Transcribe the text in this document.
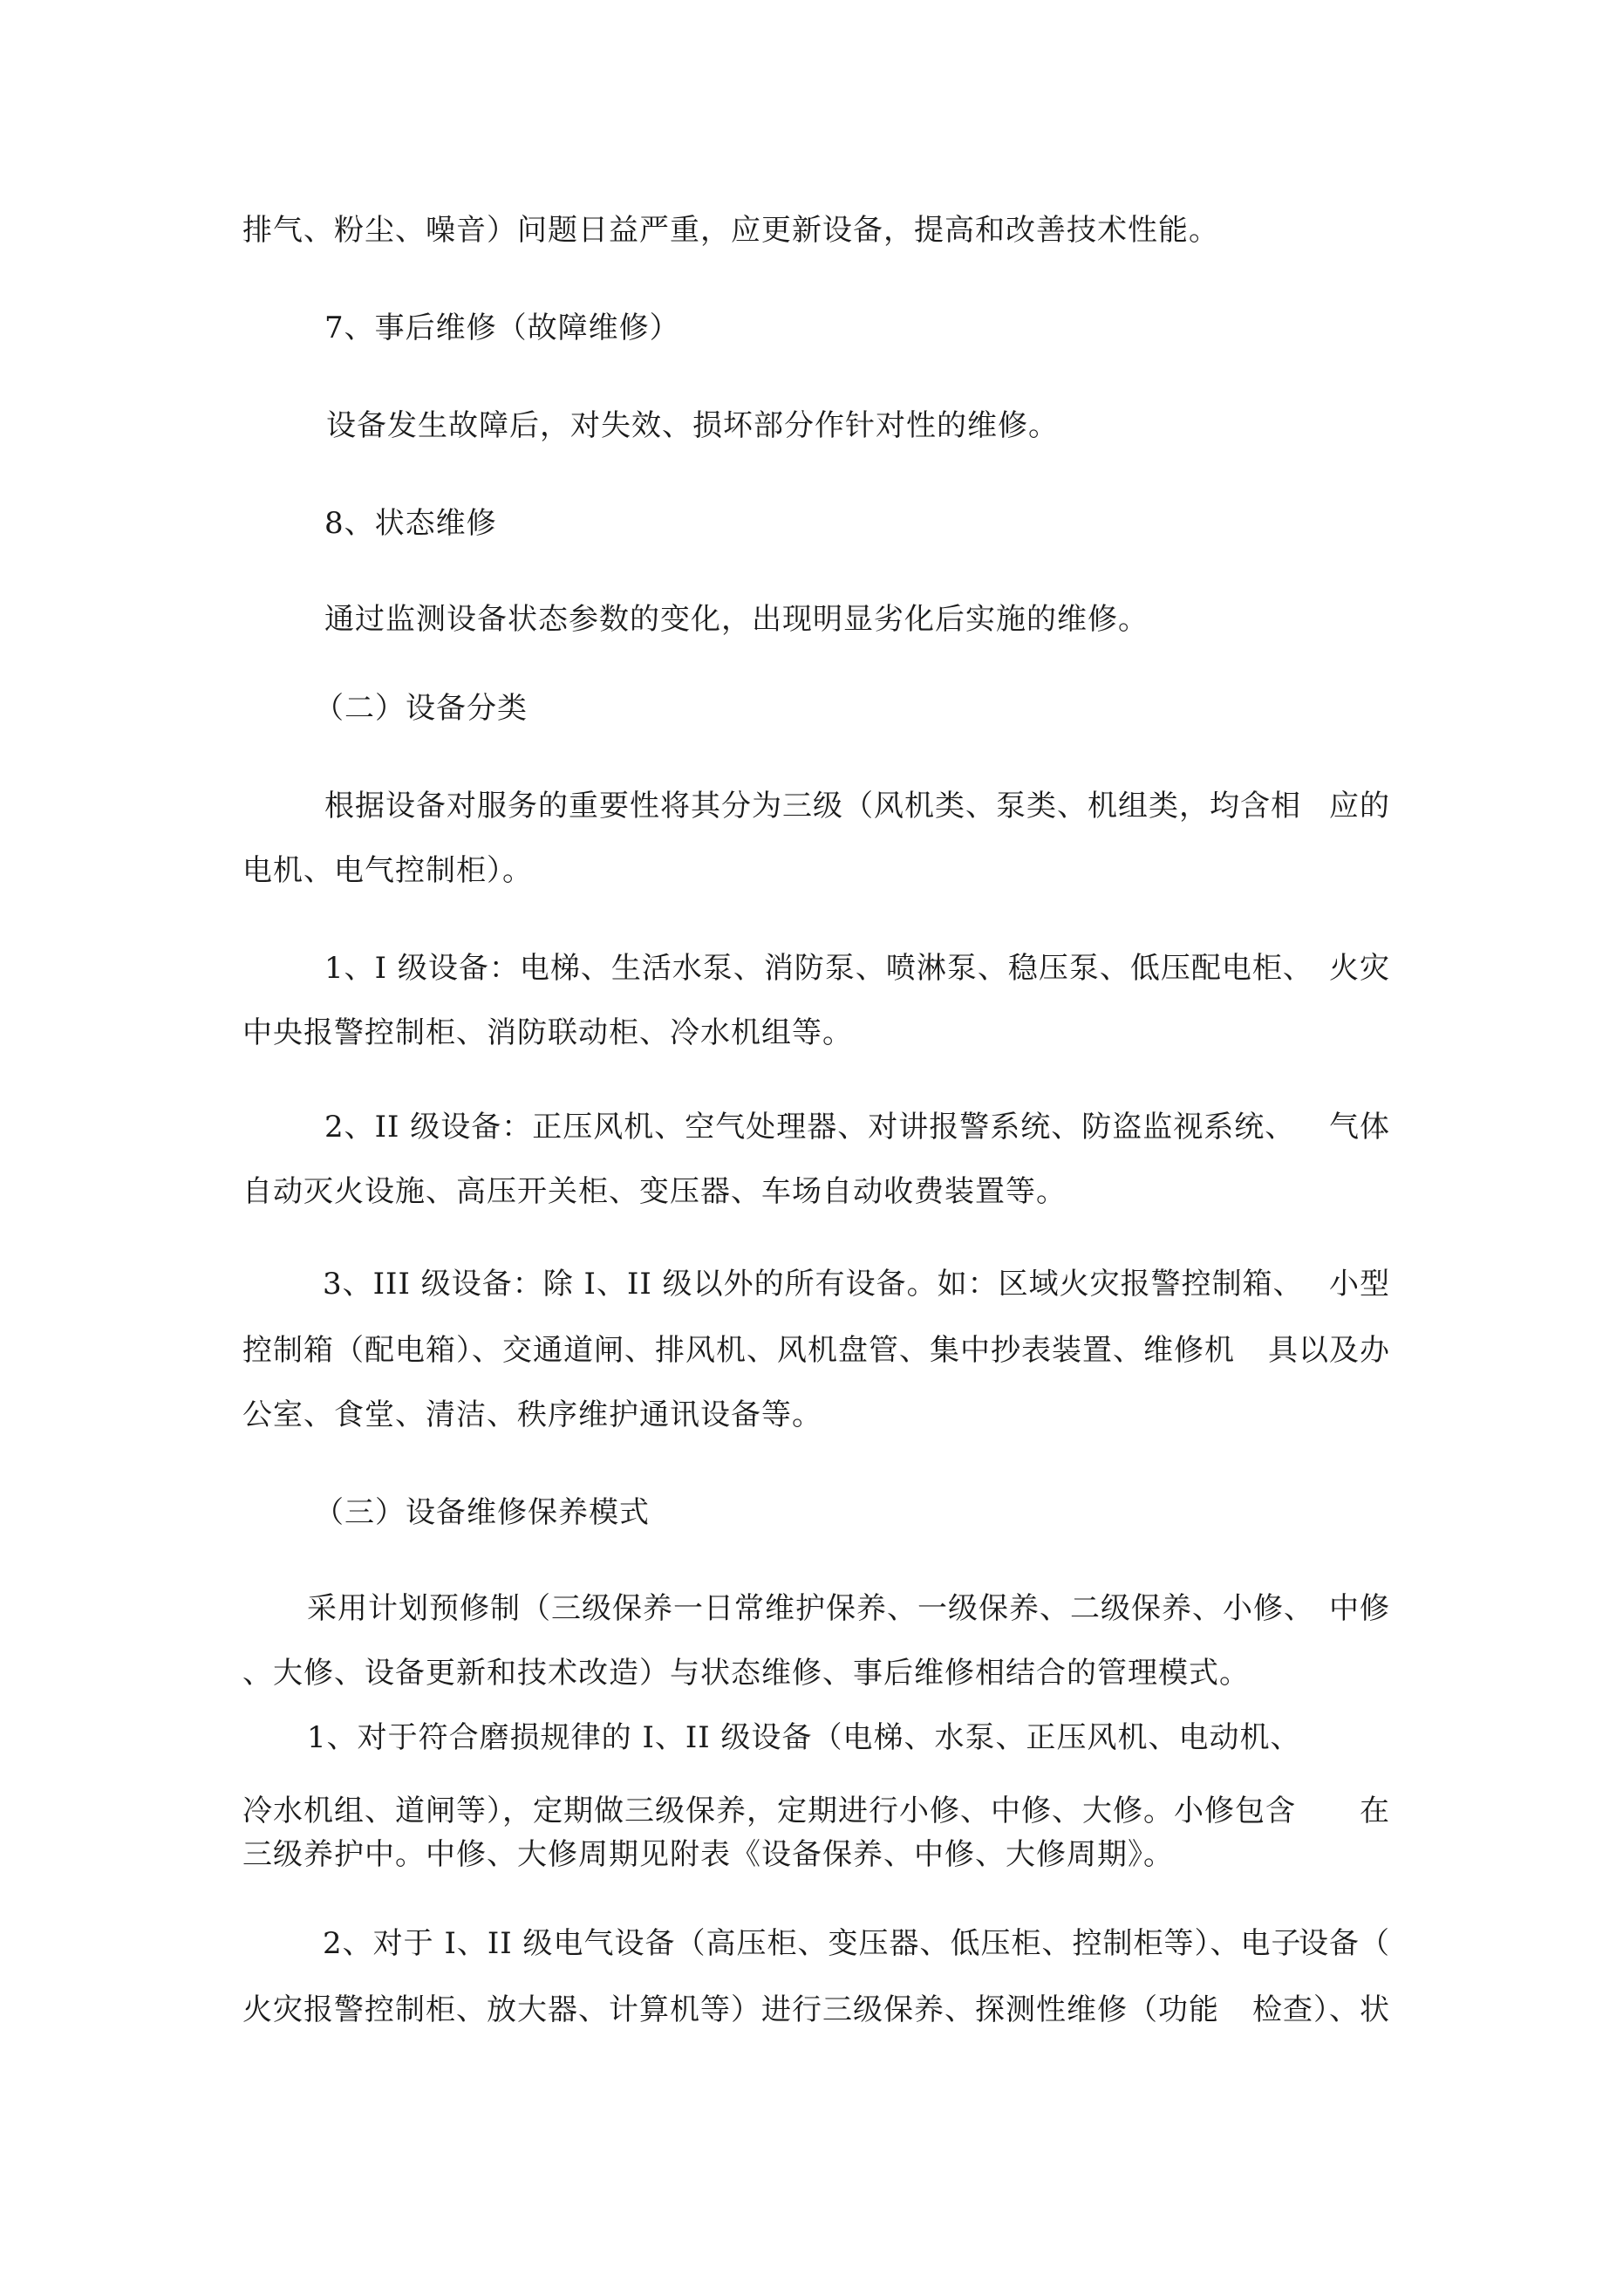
排气、粉尘、噪音）问题日益严重，应更新设备，提高和改善技术性能。
7、事后维修（故障维修）
设备发生故障后，对失效、损坏部分作针对性的维修。
8、状态维修
通过监测设备状态参数的变化，出现明显劣化后实施的维修。
（二）设备分类
根据设备对服务的重要性将其分为三级（风机类、泵类、机组类，均含相 应的
电机、电气控制柜）。
1、I 级设备：电梯、生活水泵、消防泵、喷淋泵、稳压泵、低压配电柜、 火灾
中央报警控制柜、消防联动柜、冷水机组等。
2、II 级设备：正压风机、空气处理器、对讲报警系统、防盗监视系统、	气体
自动灭火设施、高压开关柜、变压器、车场自动收费装置等。
3、III 级设备：除 I、II 级以外的所有设备。如：区域火灾报警控制箱、 小型
控制箱（配电箱）、交通道闸、排风机、风机盘管、集中抄表装置、维修机	具以及办
公室、食堂、清洁、秩序维护通讯设备等。
（三）设备维修保养模式
采用计划预修制（三级保养一日常维护保养、一级保养、二级保养、小修、 中修
、大修、设备更新和技术改造）与状态维修、事后维修相结合的管理模式。
1、对于符合磨损规律的 I、II 级设备（电梯、水泵、正压风机、电动机、
冷水机组、道闸等），定期做三级保养，定期进行小修、中修、大修。小修包含	在
三级养护中。中修、大修周期见附表《设备保养、中修、大修周期》。
2、对于 I、II 级电气设备（高压柜、变压器、低压柜、控制柜等）、电子
设备（
火灾报警控制柜、放大器、计算机等）进行三级保养、探测性维修（功能	检查）、状
